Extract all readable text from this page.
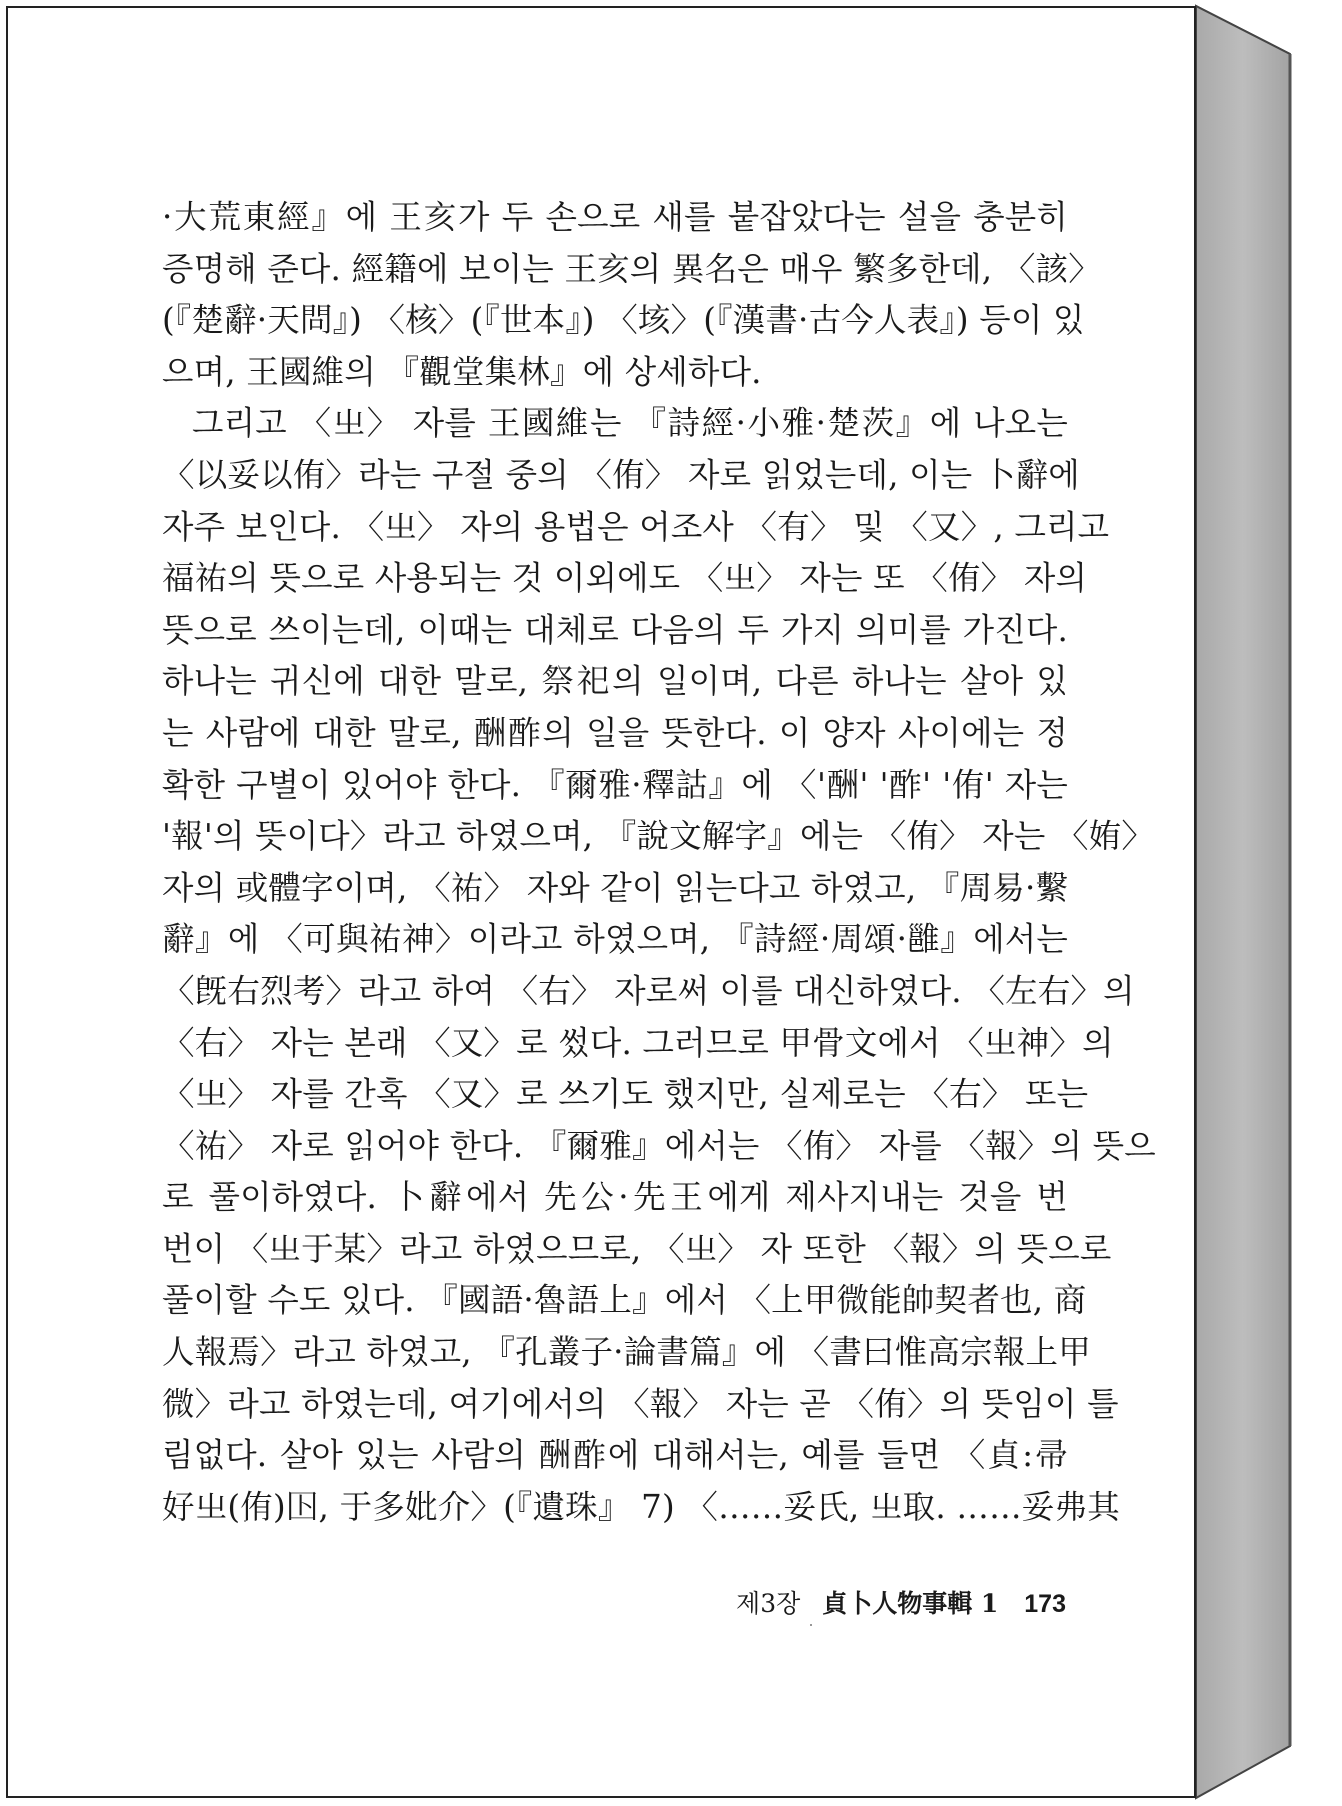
·大荒東經』에 王亥가 두 손으로 새를 붙잡았다는 설을 충분히
증명해 준다. 經籍에 보이는 王亥의 異名은 매우 繁多한데, 〈該〉
(『楚辭·天問』) 〈核〉(『世本』) 〈垓〉(『漢書·古今人表』) 등이 있
으며, 王國維의 『觀堂集林』에 상세하다.
그리고 〈㞢〉 자를 王國維는 『詩經·小雅·楚茨』에 나오는
〈以妥以侑〉라는 구절 중의 〈侑〉 자로 읽었는데, 이는 卜辭에
자주 보인다. 〈㞢〉 자의 용법은 어조사 〈有〉 및 〈又〉, 그리고
福祐의 뜻으로 사용되는 것 이외에도 〈㞢〉 자는 또 〈侑〉 자의
뜻으로 쓰이는데, 이때는 대체로 다음의 두 가지 의미를 가진다.
하나는 귀신에 대한 말로, 祭祀의 일이며, 다른 하나는 살아 있
는 사람에 대한 말로, 酬酢의 일을 뜻한다. 이 양자 사이에는 정
확한 구별이 있어야 한다. 『爾雅·釋詁』에 〈'酬' '酢' '侑' 자는
'報'의 뜻이다〉라고 하였으며, 『說文解字』에는 〈侑〉 자는 〈姷〉
자의 或體字이며, 〈祐〉 자와 같이 읽는다고 하였고, 『周易·繫
辭』에 〈可與祐神〉이라고 하였으며, 『詩經·周頌·雝』에서는
〈旣右烈考〉라고 하여 〈右〉 자로써 이를 대신하였다. 〈左右〉의
〈右〉 자는 본래 〈又〉로 썼다. 그러므로 甲骨文에서 〈㞢神〉의
〈㞢〉 자를 간혹 〈又〉로 쓰기도 했지만, 실제로는 〈右〉 또는
〈祐〉 자로 읽어야 한다. 『爾雅』에서는 〈侑〉 자를 〈報〉의 뜻으
로 풀이하였다. 卜辭에서 先公·先王에게 제사지내는 것을 번
번이 〈㞢于某〉라고 하였으므로, 〈㞢〉 자 또한 〈報〉의 뜻으로
풀이할 수도 있다. 『國語·魯語上』에서 〈上甲微能帥契者也, 商
人報焉〉라고 하였고, 『孔叢子·論書篇』에 〈書曰惟高宗報上甲
微〉라고 하였는데, 여기에서의 〈報〉 자는 곧 〈侑〉의 뜻임이 틀
림없다. 살아 있는 사람의 酬酢에 대해서는, 예를 들면 〈貞:帚
好㞢(侑)𡆥, 于多妣介〉(『遺珠』 7) 〈……妥氏, 㞢取. ……妥弗其
제3장 貞卜人物事輯 1 173
